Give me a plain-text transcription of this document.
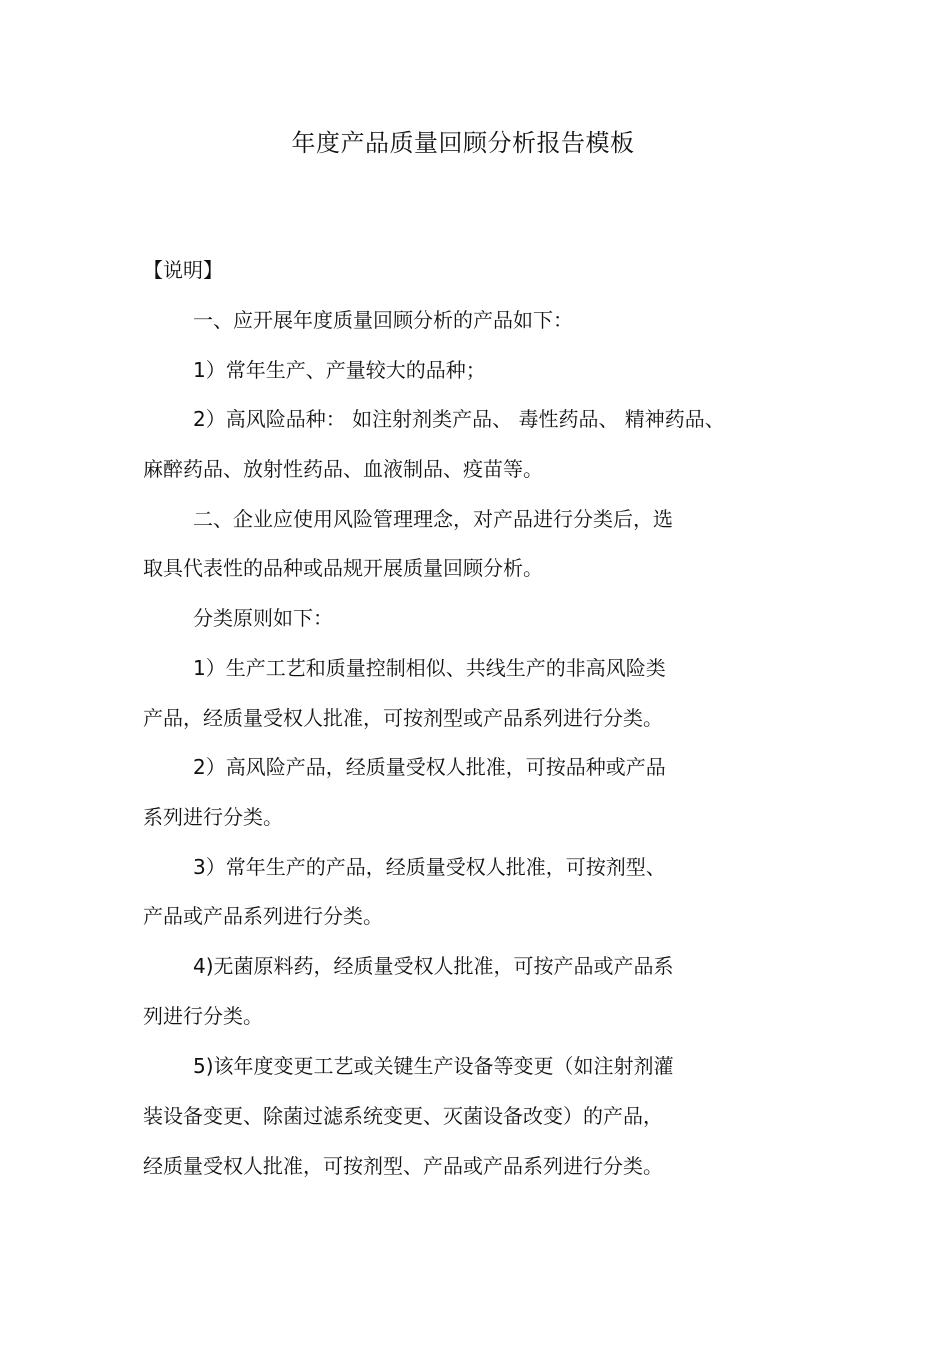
年度产品质量回顾分析报告模板
【说明】
一、应开展年度质量回顾分析的产品如下：
1）常年生产、产量较大的品种；
2）高风险品种： 如注射剂类产品、 毒性药品、 精神药品、
麻醉药品、放射性药品、血液制品、疫苗等。
二、企业应使用风险管理理念，对产品进行分类后，选
取具代表性的品种或品规开展质量回顾分析。
分类原则如下：
1）生产工艺和质量控制相似、共线生产的非高风险类
产品，经质量受权人批准，可按剂型或产品系列进行分类。
2）高风险产品，经质量受权人批准，可按品种或产品
系列进行分类。
3）常年生产的产品，经质量受权人批准，可按剂型、
产品或产品系列进行分类。
4)无菌原料药，经质量受权人批准，可按产品或产品系
列进行分类。
5)该年度变更工艺或关键生产设备等变更（如注射剂灌
装设备变更、除菌过滤系统变更、灭菌设备改变）的产品，
经质量受权人批准，可按剂型、产品或产品系列进行分类。
